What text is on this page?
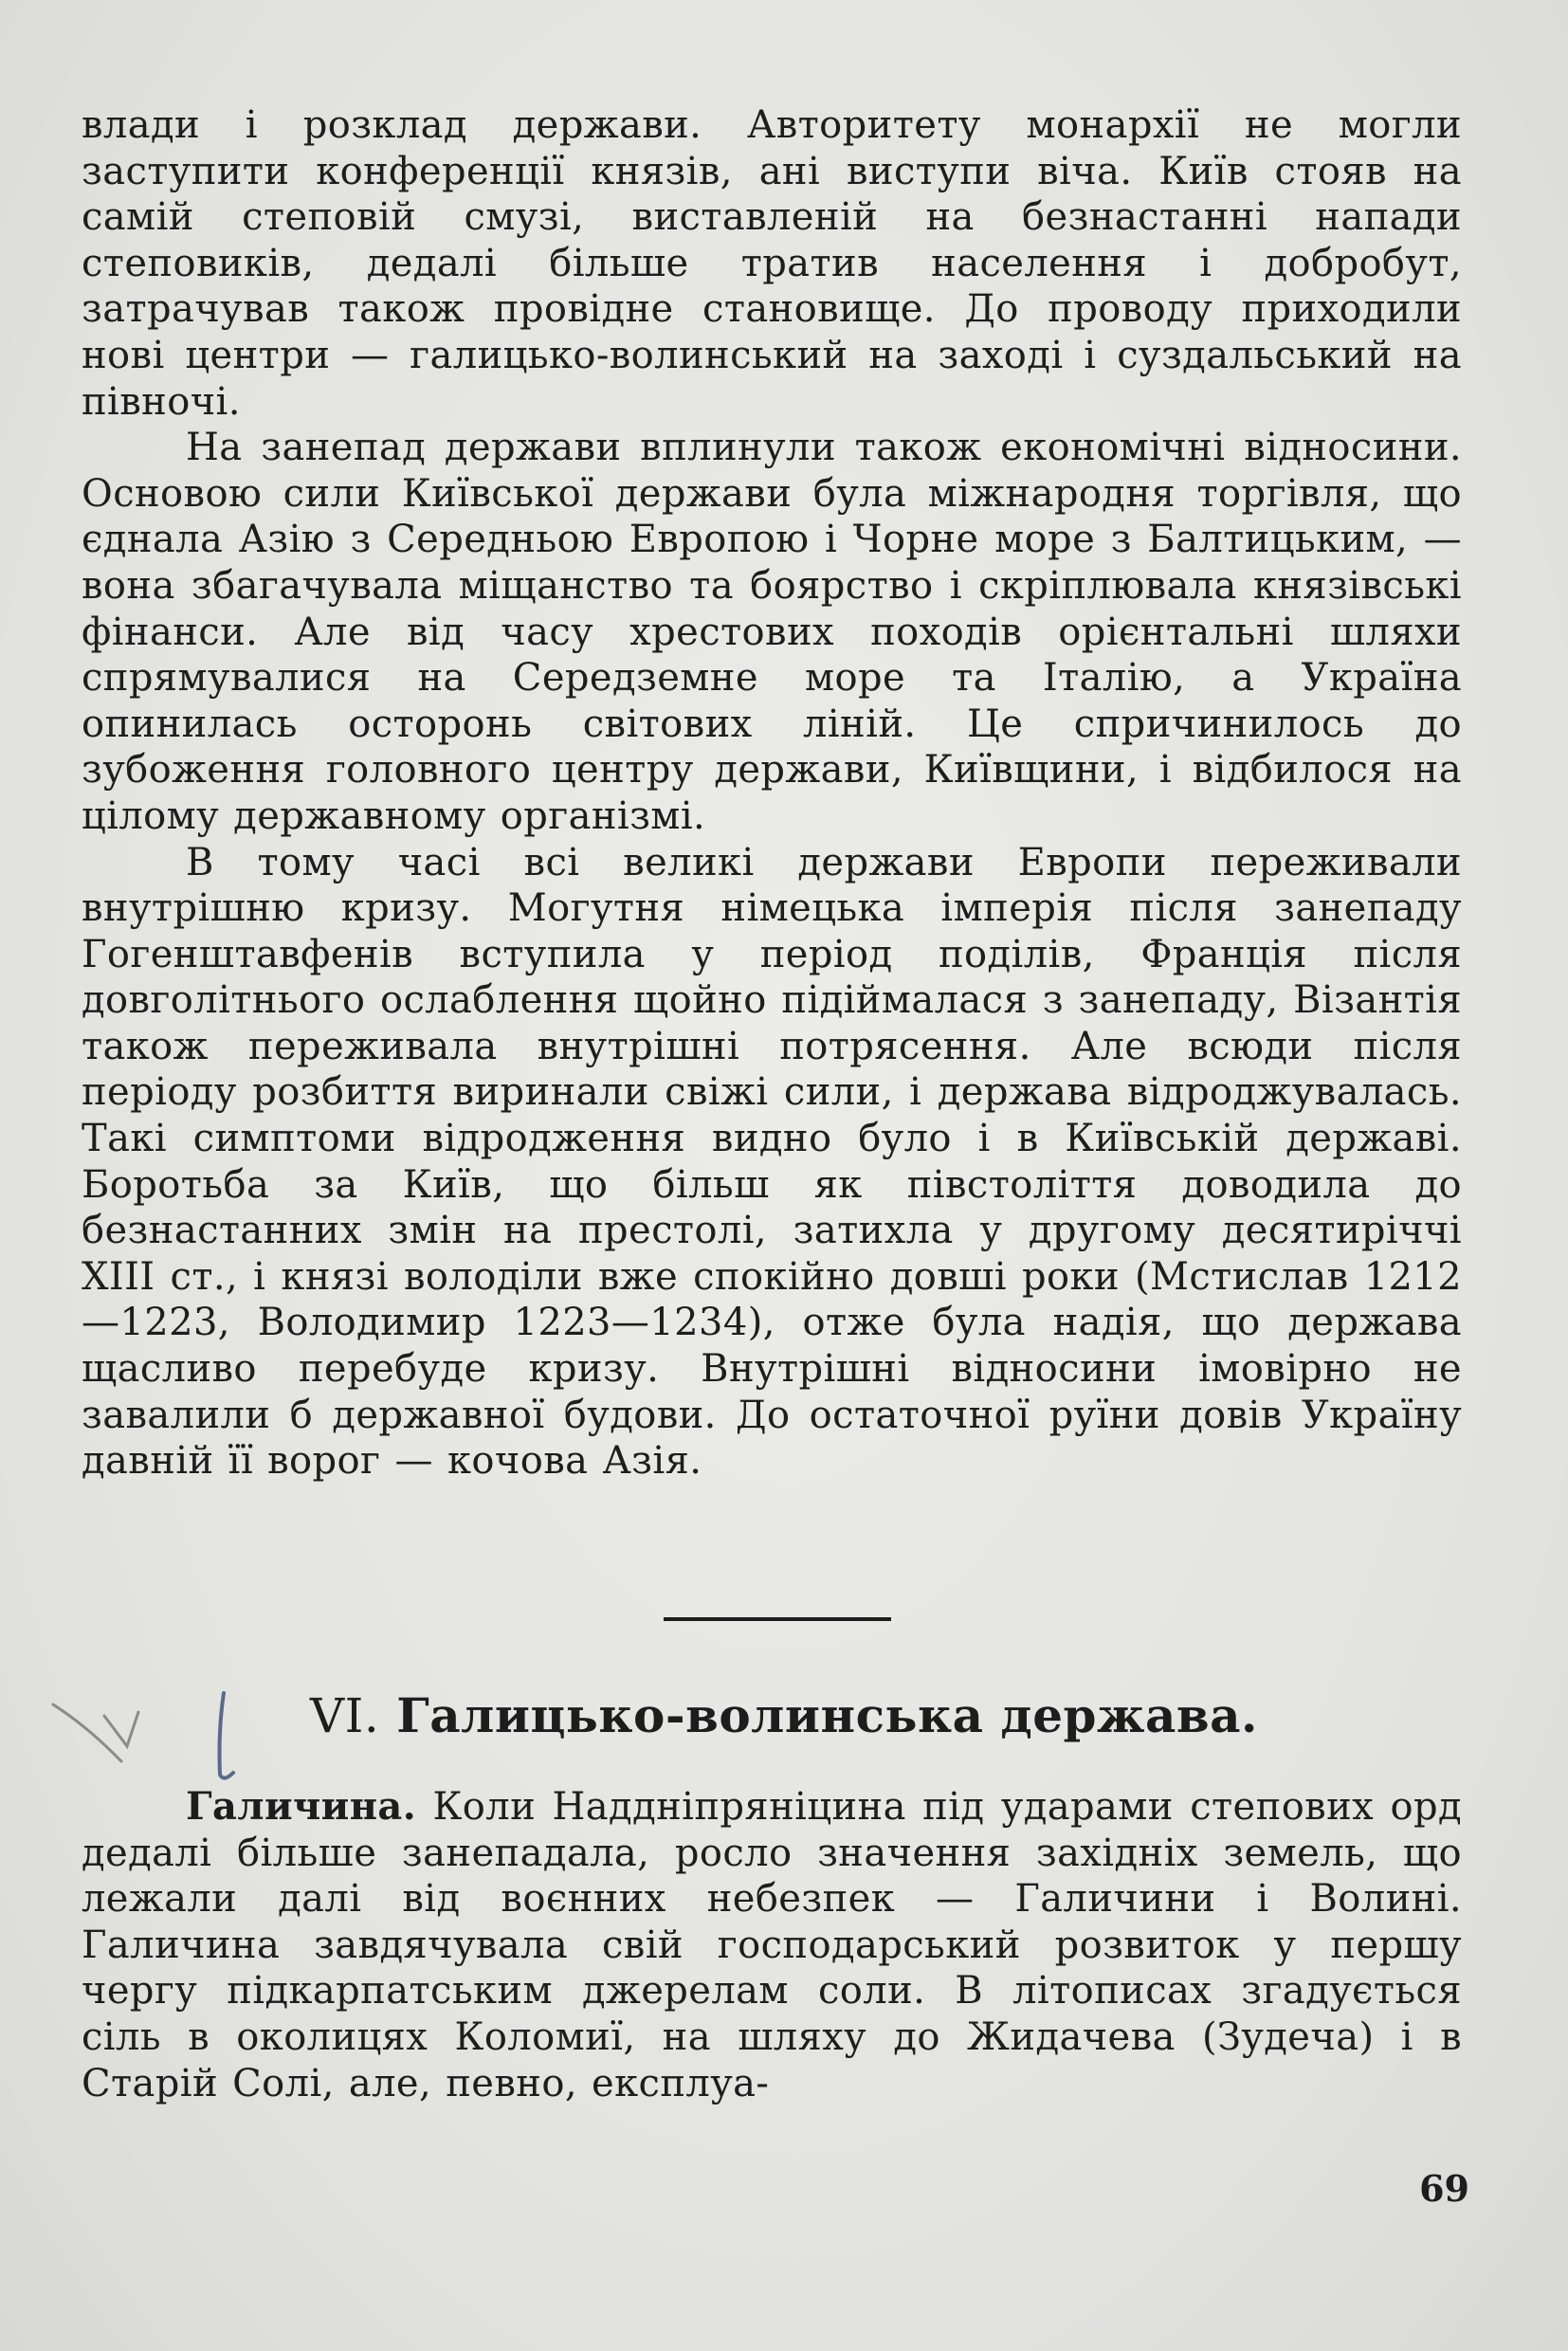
влади і розклад держави. Авторитету монархії не могли заступити конференції князів, ані виступи віча. Київ стояв на самій степовій смузі, виставленій на безнастанні напади степовиків, дедалі більше тратив населення і добробут, затрачував також провідне становище. До проводу приходили нові центри — галицько-волинський на заході і суздальський на півночі.

На занепад держави вплинули також економічні відносини. Основою сили Київської держави була міжнародня торгівля, що єднала Азію з Середньою Европою і Чорне море з Балтицьким, — вона збагачувала міщанство та боярство і скріплювала князівські фінанси. Але від часу хрестових походів орієнтальні шляхи спрямувалися на Середземне море та Італію, а Україна опинилась осторонь світових ліній. Це спричинилось до зубоження головного центру держави, Київщини, і відбилося на цілому державному організмі.

В тому часі всі великі держави Европи переживали внутрішню кризу. Могутня німецька імперія після занепаду Гогенштавфенів вступила у період поділів, Франція після довголітнього ослаблення щойно підіймалася з занепаду, Візантія також переживала внутрішні потрясення. Але всюди після періоду розбиття виринали свіжі сили, і держава відроджувалась. Такі симптоми відродження видно було і в Київській державі. Боротьба за Київ, що більш як півстоліття доводила до безнастанних змін на престолі, затихла у другому десятиріччі XIII ст., і князі володіли вже спокійно довші роки (Мстислав 1212—1223, Володимир 1223—1234), отже була надія, що держава щасливо перебуде кризу. Внутрішні відносини імовірно не завалили б державної будови. До остаточної руїни довів Україну давній її ворог — кочова Азія.

VI. Галицько-волинська держава.

Галичина. Коли Наддніпряніцина під ударами степових орд дедалі більше занепадала, росло значення західніх земель, що лежали далі від воєнних небезпек — Галичини і Волині. Галичина завдячувала свій господарський розвиток у першу чергу підкарпатським джерелам соли. В літописах згадується сіль в околицях Коломиї, на шляху до Жидачева (Зудеча) і в Старій Солі, але, певно, експлуа-

69
